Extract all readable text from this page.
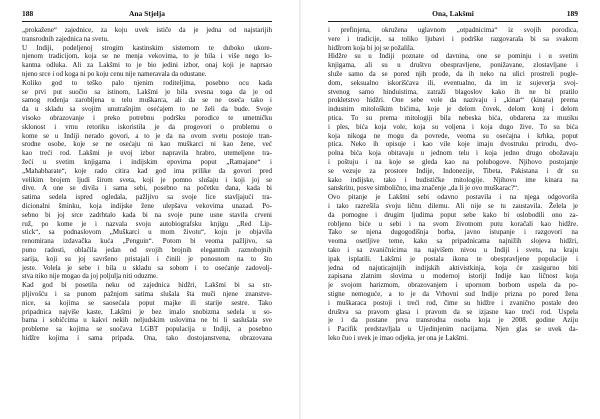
188	Ana Stjelja
„prokažene“ zajednice, za koju uvek ističe da je jedna od najstarijih
transrodnih zajednica na svetu.
U Indiji, podeljenoj strogim kastinskim sistemom te duboko ukore-
njenom tradicijom, koja se ne menja vekovima, to je bila i više nego lo-
kantna odluka. Ali za Lakšmi to je bio jedini izbor, onaj koji je naprsao
njeno srce i od koga ni po koju cenu nije nameravala da odustane.
Koliko god to teško palo njenim roditeljima, posebno ocu kada
se prvi put suočio sa istinom, Lakšmi je bila svesna toga da je od
samog rođenja zarobljena u telu muškarca, ali da se ne oseća tako i
da u skladu sa svojim unutrašnjim osećajem to ne želi da bude. Svoje
visoko obrazovanje i preko potrebnu podršku porodice te umetničku
sklonost i vrnu retoriku iskoristila je da progovori o problemu o
kome se u Indiji nerado govori, a to je da na ovom svetu postoje tran-
srodne osobe, koje se ne osećaju ni kao muškarci ni kao žene, već
kao treći rod. Lakšmi je uvoj izbor napravila hrabro, utemeljene tra-
žeći u svetim knjigama i indijskim epovima poput „Ramajane“ i
„Mahabharate“, koje rado citira kad god ima prilike da govori pred
velikim brojem ljudi širom sveta, koji je pomno slušaju i koji joj se
dive. A one se divila i sama sebi, posebno na početku dana, kada bi
satima sedela ispred ogledala, pažljivo sa svoje lice stavljajući tra-
dicionalni šminku, koja indijske žene ulepšava vekovima unazad. Po-
sebno bi joj srce zadrhtalo kada bi na svoje pune usne stavila crveni
ruž, po kome je i nazvala svoju autobiografsku knjigu „Red Lip-
stick“, sa podnaslovom „Muškarci u mom životu“, koju je objavila
renomirana izdavačka kuća „Penguin“. Potom bi veoma pažljivo, sa
puno radosti, oblačila jedan od svojih brojnih elegantnih raznobojnih
sarija, koji su joj savršeno pristajali i činili je ponosnom na to što
jeste. Volela je sebe i bila u skladu sa sobom i to osećanje zadovolj-
stva niko nije mogao da joj poljulja niti oduzme.
Kad god bi posetila neku od zajednica hidžri, Lakšmi bi sa str-
pljivošću i sa punom pažnjom satima slušala šta muči njene znanstve-
nice, sa kojima se saosećala poput majke ili starije sestre. Tako
pripadnica najviše kaste, Lakšmi je bez imalo snobizma sedela u so-
bama i sobičcima u kakvi nekih neljudskim uslovima ne bi li saslušala sve
probleme sa kojima se suočava LGBT populacija u Indiji, a posebno
hidžre kojima i sama pripada. Ona, tako dostojanstvena, obrazovana
Ona, Lakšmi	189
i prefinjena, okružena uglavnom „otpadnicima“ iz svojih porodica,
vere i tradicije, sa toliko ljubavi i podrške razgovarala bi sa svakom
hidžrom koja bi joj se požalila.
Hidžre su u Indiji poznate od davnina, one se pominju i u svetim
knjigama, ali su u društvu obespravljene, ponižavane, zlostavljane i
služe samo da se pored njih prođe, da ih neko na ulici prostreli pogle-
dom, seksualno iskorišćava ili, eventualno, da im iz sujeverja svoj-
stvenog samo hinduistima, zatraži blagoslov kako ih ne bi pratilo
prokletstvo hidžri. One sebe vole da nazivaju i „kinar“ (kinara) prema
indusnim mitološkim bićima, koje je delom čovek, delom konj i delom
ptica. To su prema mitologiji bila nebeska bića, obdarena za muziku
i ples, bića koja vole, koja su voljena i koja dugo žive. To su bića
koja nikoga ne mogu da povrede, veoma su osećajna i krhka, poput
ptica. Neko ih opisuje i kao vile koje imaju dvostruku prirodu, dvo-
polna bića koja obitavaju u jednom telu i koja jedno drugo obožavaju
i poštuju i na koje se gleda kao na polubogove. Njihovo postojanje
se vezuje za prostore Indije, Indonezije, Tibeta, Pakistana i dr su
kako indijske, tako i budističke mitologije. Njihovo ime kinara na
sanskritu, posve simbolično, ima značenje „da li je ovo muškarac?“.
Ovo pitanje je Lakšmi sebi odavno postavila i na njega odgovorila
i tako razrešila svoju ličnu dilemu. Ali nije se tu zaustavila. Želela je
da pomogne i drugim ljudima poput sebe kako bi oslobodili ono za-
robljeno biće u sebi i na svom životnom putu koračali kao hidžre.
Tako se njena dugogodišnja borba, javno istupanje i razgovori na
veoma osetljive teme, kako sa pripadnicama najnižih slojeva hidžri,
tako i sa zvaničnicima na najvišem nivou u Indiji i svetu, na kraju
ipak isplatili. Lakšmi je postala ikona te obespravljene populacije i
jedna od najuticajnijih indijskih aktivistkinja, koja će zasigurno biti
zapisana zlatnim slovima u modernoj istoriji Indije kao ličnost koja
je svojom harizmom, obrazovanjem i upornom borbom uspela da po-
stigne nemoguće, a to je da Vrhovni sud Indije prizna po pored žena
i muškaraca postoji i treći rod, čime su hidžre i zvanično postale deo
društva sa pravom glasa i pravom da se izjasne kao treći rod. Uspela
je i da postane prva transrodna osoba koja je 2008. godine Aziju
i Pacifik predstavljala u Ujedinjenim nacijama. Njen glas se uvek da-
leko čuo i uvek je imao odjeka, jer ona je Lakšmi.
